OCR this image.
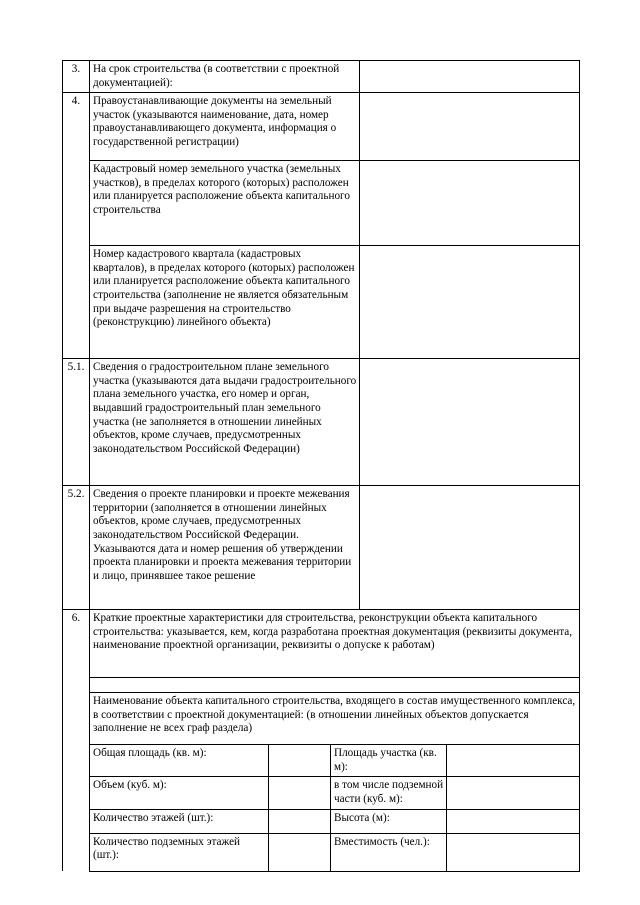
3.	На срок строительства (в соответствии с проектной документацией):					
4.	Правоустанавливающие документы на земельный участок (указываются наименование, дата, номер правоустанавливающего документа, информация о государственной регистрации)					
	Кадастровый номер земельного участка (земельных участков), в пределах которого (которых) расположен или планируется расположение объекта капитального строительства					
	Номер кадастрового квартала (кадастровых кварталов), в пределах которого (которых) расположен или планируется расположение объекта капитального строительства (заполнение не является обязательным при выдаче разрешения на строительство (реконструкцию) линейного объекта)					
5.1.	Сведения о градостроительном плане земельного участка (указываются дата выдачи градостроительного плана земельного участка, его номер и орган, выдавший градостроительный план земельного участка (не заполняется в отношении линейных объектов, кроме случаев, предусмотренных законодательством Российской Федерации)					
5.2.	Сведения о проекте планировки и проекте межевания территории (заполняется в отношении линейных объектов, кроме случаев, предусмотренных законодательством Российской Федерации. Указываются дата и номер решения об утверждении проекта планировки и проекта межевания территории и лицо, принявшее такое решение					
6.	Краткие проектные характеристики для строительства, реконструкции объекта капитального строительства: указывается, кем, когда разработана проектная документация (реквизиты документа, наименование проектной организации, реквизиты о допуске к работам)					

	Наименование объекта капитального строительства, входящего в состав имущественного комплекса, в соответствии с проектной документацией: (в отношении линейных объектов допускается заполнение не всех граф раздела)					
	Общая площадь (кв. м):		Площадь участка (кв. м):			
	Объем (куб. м):		в том числе подземной части (куб. м):			
	Количество этажей (шт.):		Высота (м):			
	Количество подземных этажей (шт.):		Вместимость (чел.):			
